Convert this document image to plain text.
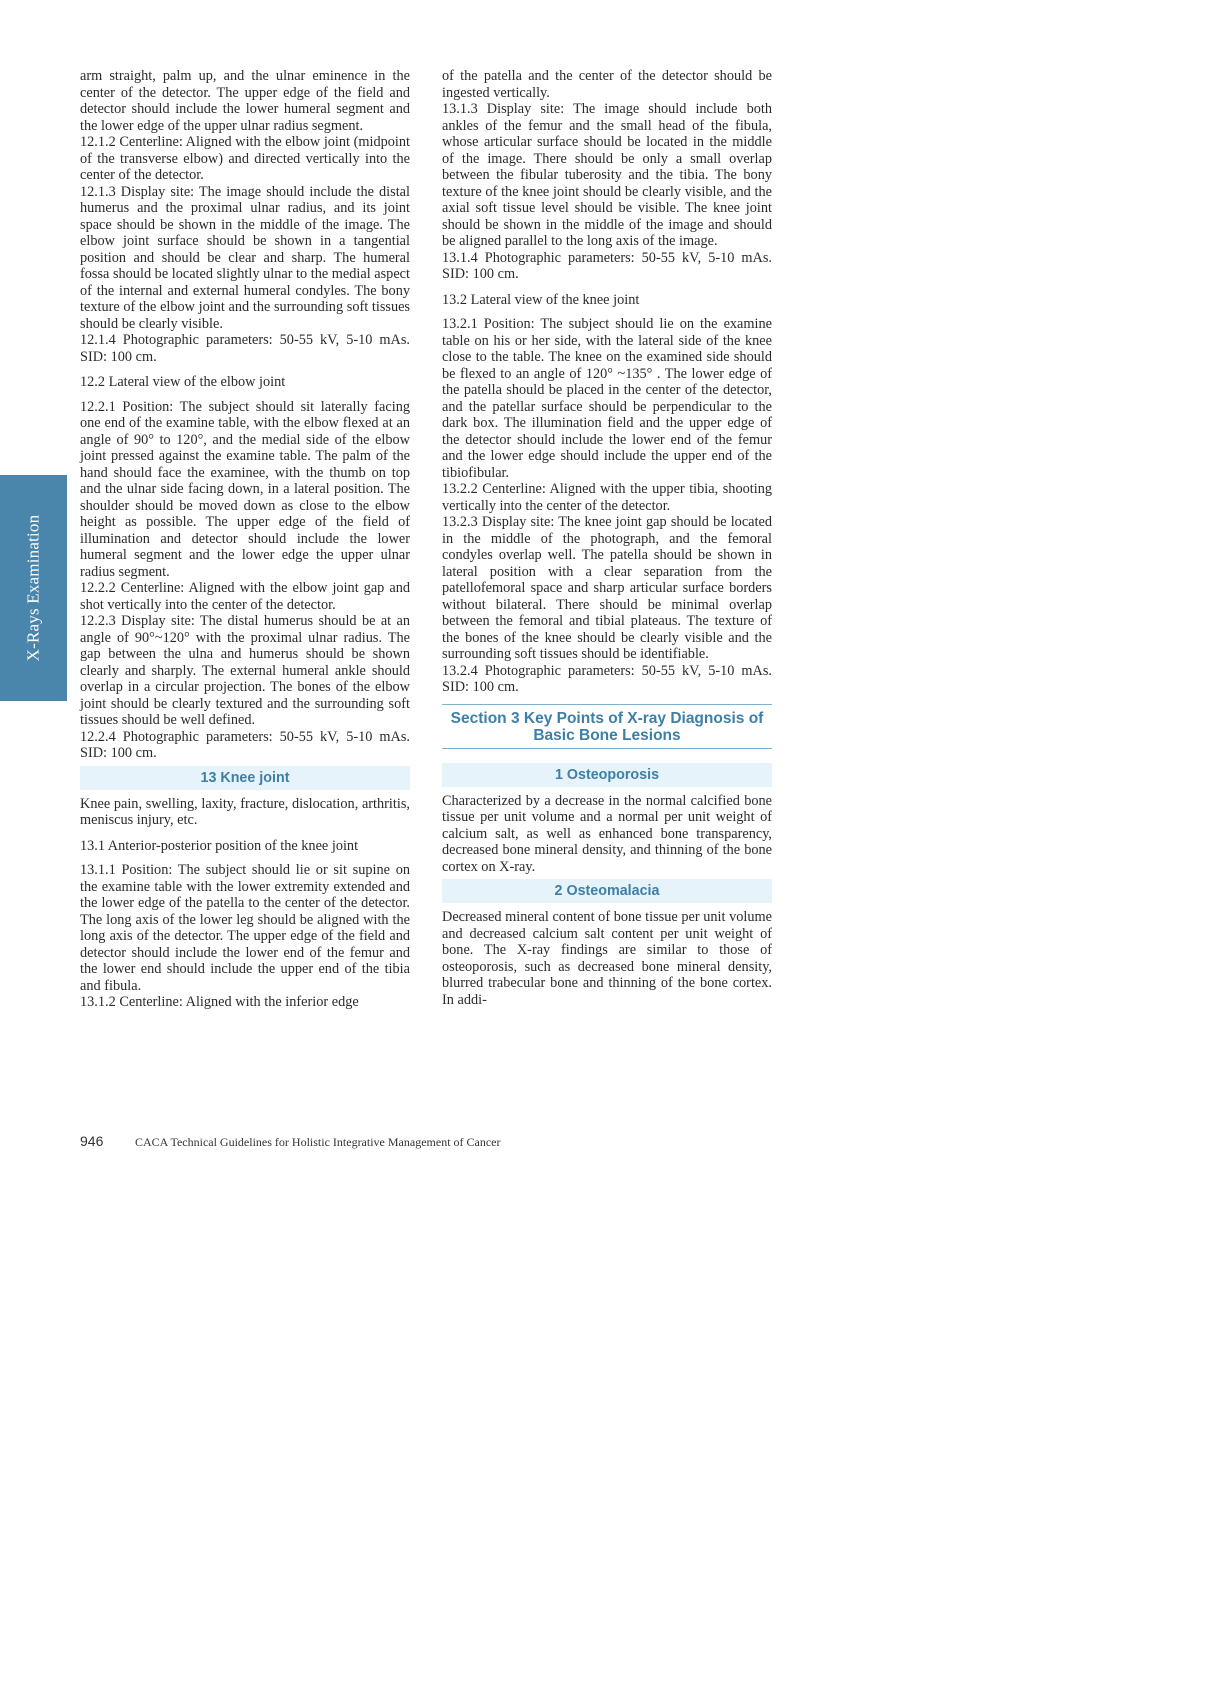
X-Rays Examination

arm straight, palm up, and the ulnar eminence in the center of the detector. The upper edge of the field and detector should include the lower humeral segment and the lower edge of the upper ulnar radius segment.

12.1.2 Centerline: Aligned with the elbow joint (midpoint of the transverse elbow) and directed vertically into the center of the detector.

12.1.3 Display site: The image should include the distal humerus and the proximal ulnar radius, and its joint space should be shown in the middle of the image. The elbow joint surface should be shown in a tangential position and should be clear and sharp. The humeral fossa should be located slightly ulnar to the medial aspect of the internal and external humeral condyles. The bony texture of the elbow joint and the surrounding soft tissues should be clearly visible.

12.1.4 Photographic parameters: 50-55 kV, 5-10 mAs. SID: 100 cm.

12.2 Lateral view of the elbow joint

12.2.1 Position: The subject should sit laterally facing one end of the examine table, with the elbow flexed at an angle of 90° to 120°, and the medial side of the elbow joint pressed against the examine table. The palm of the hand should face the examinee, with the thumb on top and the ulnar side facing down, in a lateral position. The shoulder should be moved down as close to the elbow height as possible. The upper edge of the field of illumination and detector should include the lower humeral segment and the lower edge the upper ulnar radius segment.

12.2.2 Centerline: Aligned with the elbow joint gap and shot vertically into the center of the detector.

12.2.3 Display site: The distal humerus should be at an angle of 90°~120° with the proximal ulnar radius. The gap between the ulna and humerus should be shown clearly and sharply. The external humeral ankle should overlap in a circular projection. The bones of the elbow joint should be clearly textured and the surrounding soft tissues should be well defined.

12.2.4 Photographic parameters: 50-55 kV, 5-10 mAs. SID: 100 cm.

13 Knee joint

Knee pain, swelling, laxity, fracture, dislocation, arthritis, meniscus injury, etc.

13.1 Anterior-posterior position of the knee joint

13.1.1 Position: The subject should lie or sit supine on the examine table with the lower extremity extended and the lower edge of the patella to the center of the detector. The long axis of the lower leg should be aligned with the long axis of the detector. The upper edge of the field and detector should include the lower end of the femur and the lower end should include the upper end of the tibia and fibula.

13.1.2 Centerline: Aligned with the inferior edge

of the patella and the center of the detector should be ingested vertically.

13.1.3 Display site: The image should include both ankles of the femur and the small head of the fibula, whose articular surface should be located in the middle of the image. There should be only a small overlap between the fibular tuberosity and the tibia. The bony texture of the knee joint should be clearly visible, and the axial soft tissue level should be visible. The knee joint should be shown in the middle of the image and should be aligned parallel to the long axis of the image.

13.1.4 Photographic parameters: 50-55 kV, 5-10 mAs. SID: 100 cm.

13.2 Lateral view of the knee joint

13.2.1 Position: The subject should lie on the examine table on his or her side, with the lateral side of the knee close to the table. The knee on the examined side should be flexed to an angle of 120° ~135° . The lower edge of the patella should be placed in the center of the detector, and the patellar surface should be perpendicular to the dark box. The illumination field and the upper edge of the detector should include the lower end of the femur and the lower edge should include the upper end of the tibiofibular.

13.2.2 Centerline: Aligned with the upper tibia, shooting vertically into the center of the detector.

13.2.3 Display site: The knee joint gap should be located in the middle of the photograph, and the femoral condyles overlap well. The patella should be shown in lateral position with a clear separation from the patellofemoral space and sharp articular surface borders without bilateral. There should be minimal overlap between the femoral and tibial plateaus. The texture of the bones of the knee should be clearly visible and the surrounding soft tissues should be identifiable.

13.2.4 Photographic parameters: 50-55 kV, 5-10 mAs. SID: 100 cm.

Section 3 Key Points of X-ray Diagnosis of Basic Bone Lesions
1 Osteoporosis

Characterized by a decrease in the normal calcified bone tissue per unit volume and a normal per unit weight of calcium salt, as well as enhanced bone transparency, decreased bone mineral density, and thinning of the bone cortex on X-ray.

2 Osteomalacia

Decreased mineral content of bone tissue per unit volume and decreased calcium salt content per unit weight of bone. The X-ray findings are similar to those of osteoporosis, such as decreased bone mineral density, blurred trabecular bone and thinning of the bone cortex. In addi-

946	CACA Technical Guidelines for Holistic Integrative Management of Cancer
